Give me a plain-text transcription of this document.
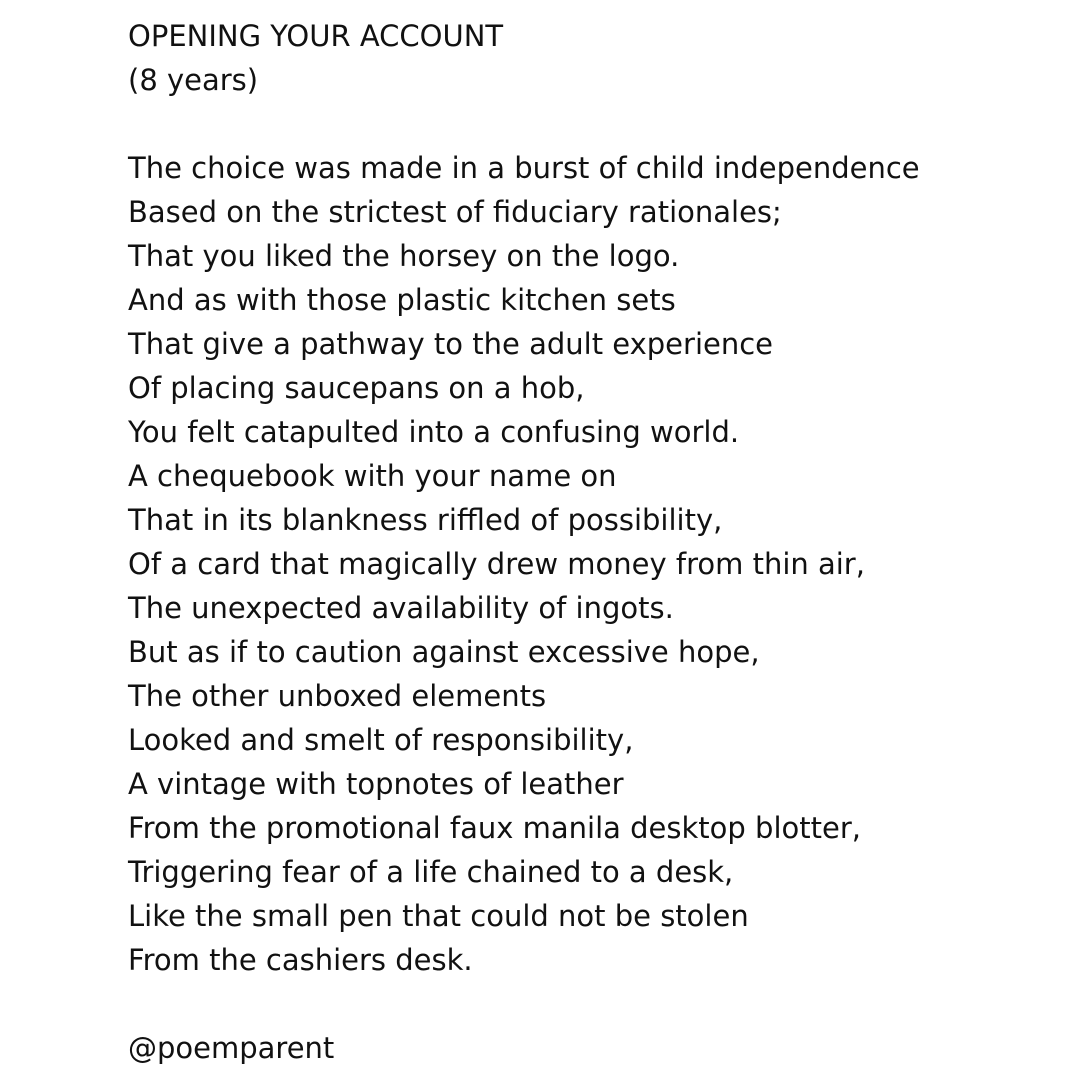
OPENING YOUR ACCOUNT
(8 years)
The choice was made in a burst of child independence
Based on the strictest of fiduciary rationales;
That you liked the horsey on the logo.
And as with those plastic kitchen sets
That give a pathway to the adult experience
Of placing saucepans on a hob,
You felt catapulted into a confusing world.
A chequebook with your name on
That in its blankness riffled of possibility,
Of a card that magically drew money from thin air,
The unexpected availability of ingots.
But as if to caution against excessive hope,
The other unboxed elements
Looked and smelt of responsibility,
A vintage with topnotes of leather
From the promotional faux manila desktop blotter,
Triggering fear of a life chained to a desk,
Like the small pen that could not be stolen
From the cashiers desk.
@poemparent
